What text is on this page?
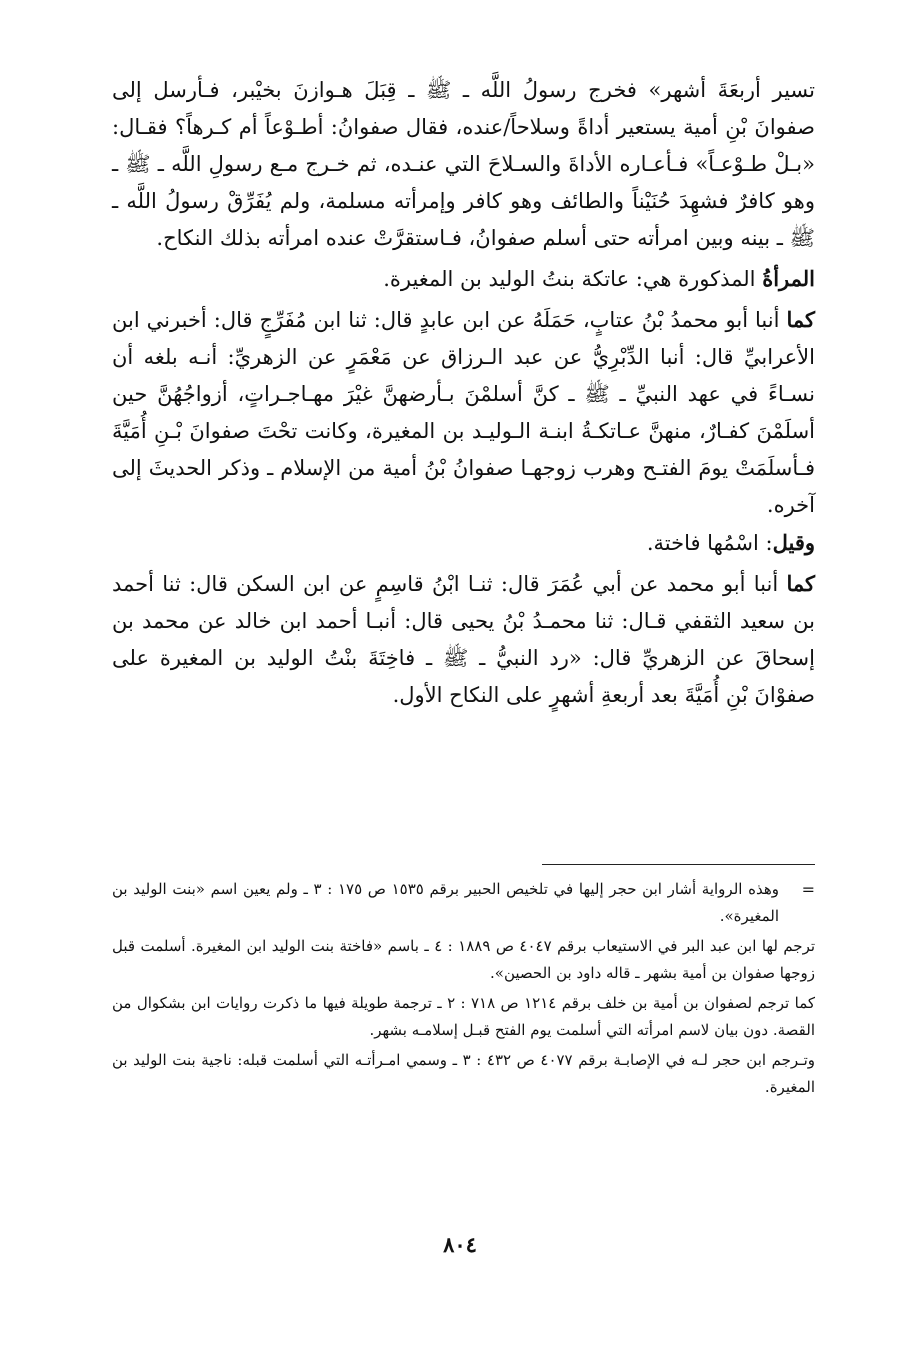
تسير أربعَةَ أشهر» فخرج رسولُ اللَّه ـ ﷺ ـ قِبَلَ هـوازنَ بخيْبر، فـأرسل إلى صفوانَ بْنِ أمية يستعير أداةً وسلاحاً/عنده، فقال صفوانُ: أطـوْعاً أم كـرهاً؟ فقـال: «بـلْ طـوْعـاً» فـأعـاره الأداةَ والسـلاحَ التي عنـده، ثم خـرج مـع رسولِ اللَّه ـ ﷺ ـ وهو كافرٌ فشهِدَ حُنَيْناً والطائف وهو كافر وإمرأته مسلمة، ولم يُفَرِّقْ رسولُ اللَّه ـ ﷺ ـ بينه وبين امرأته حتى أسلم صفوانُ، فـاستقرَّتْ عنده امرأته بذلك النكاح.

المرأةُ المذكورة هي: عاتكة بنتُ الوليد بن المغيرة.

كما أنبا أبو محمدُ بْنُ عتابٍ، حَمَلَهُ عن ابن عابدٍ قال: ثنا ابن مُفَرِّجٍ قال: أخبرني ابن الأعرابيِّ قال: أنبا الدِّبْرِيُّ عن عبد الـرزاق عن مَعْمَرٍ عن الزهريِّ: أنـه بلغه أن نسـاءً في عهد النبيِّ ـ ﷺ ـ كنَّ أسلمْنَ بـأرضهنَّ غيْرَ مهـاجـراتٍ، أزواجُهُنَّ حين أسلَمْنَ كفـارٌ، منهنَّ عـاتكـةُ ابنـة الـوليـد بن المغيرة، وكانت تحْتَ صفوانَ بْـنِ أُمَيَّةَ فـأسلَمَتْ يومَ الفتـح وهرب زوجهـا صفوانُ بْنُ أمية من الإسلام ـ وذكر الحديثَ إلى آخره.

وقيل: اسْمُها فاختة.

كما أنبا أبو محمد عن أبي عُمَرَ قال: ثنـا ابْنُ قاسِمٍ عن ابن السكن قال: ثنا أحمد بن سعيد الثقفي قـال: ثنا محمـدُ بْنُ يحيى قال: أنبـا أحمد ابن خالد عن محمد بن إسحاقَ عن الزهريِّ قال: «رد النبيُّ ـ ﷺ ـ فاخِتَةَ بنْتُ الوليد بن المغيرة على صفوْانَ بْنِ أُمَيَّةَ بعد أربعةِ أشهرٍ على النكاح الأول.

=
وهذه الرواية أشار ابن حجر إليها في تلخيص الحبير برقم ١٥٣٥ ص ١٧٥ : ٣ ـ ولم يعين اسم «بنت الوليد بن المغيرة».

ترجم لها ابن عبد البر في الاستيعاب برقم ٤٠٤٧ ص ١٨٨٩ : ٤ ـ باسم «فاختة بنت الوليد ابن المغيرة. أسلمت قبل زوجها صفوان بن أمية بشهر ـ قاله داود بن الحصين».

كما ترجم لصفوان بن أمية بن خلف برقم ١٢١٤ ص ٧١٨ : ٢ ـ ترجمة طويلة فيها ما ذكرت روايات ابن بشكوال من القصة. دون بيان لاسم امرأته التي أسلمت يوم الفتح قبـل إسلامـه بشهر.

وتـرجم ابن حجر لـه في الإصابـة برقم ٤٠٧٧ ص ٤٣٢ : ٣ ـ وسمي امـرأتـه التي أسلمت قبله: ناجية بنت الوليد بن المغيرة.

٨٠٤
